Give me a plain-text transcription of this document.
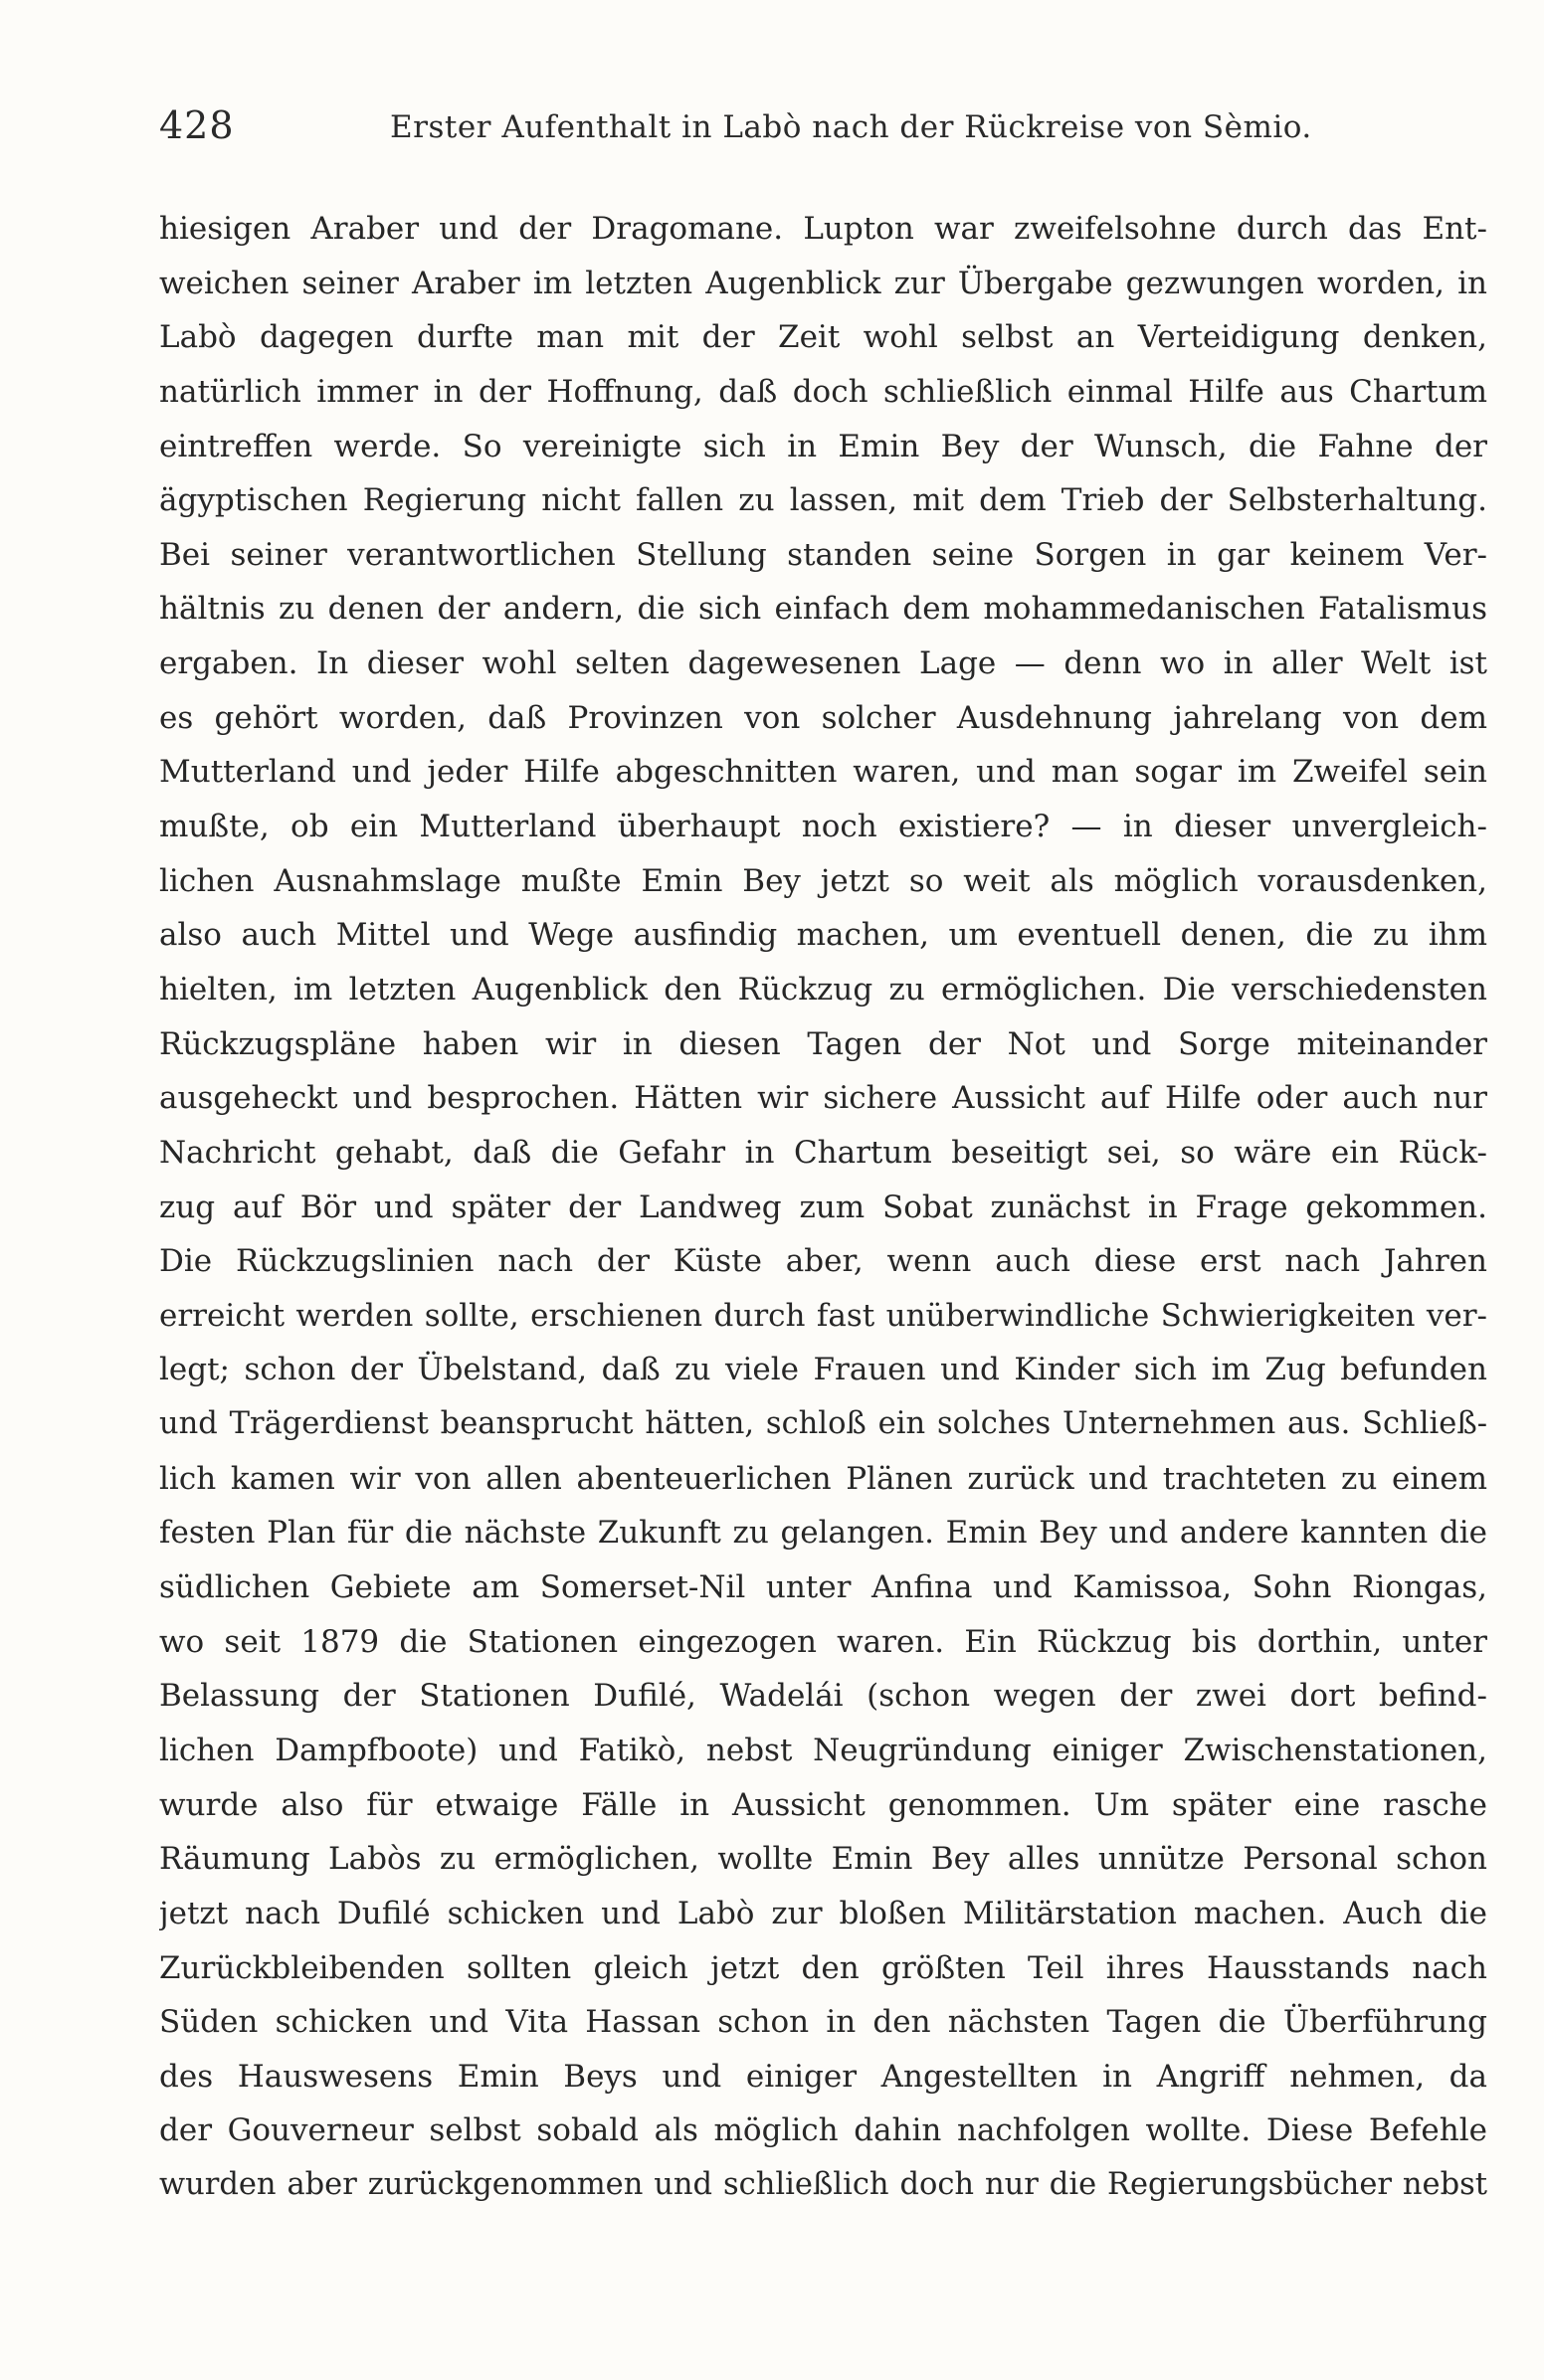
428	Erster Aufenthalt in Labò nach der Rückreise von Sèmio.
hiesigen Araber und der Dragomane. Lupton war zweifelsohne durch das Ent-
weichen seiner Araber im letzten Augenblick zur Übergabe gezwungen worden, in
Labò dagegen durfte man mit der Zeit wohl selbst an Verteidigung denken,
natürlich immer in der Hoffnung, daß doch schließlich einmal Hilfe aus Chartum
eintreffen werde. So vereinigte sich in Emin Bey der Wunsch, die Fahne der
ägyptischen Regierung nicht fallen zu lassen, mit dem Trieb der Selbsterhaltung.
Bei seiner verantwortlichen Stellung standen seine Sorgen in gar keinem Ver-
hältnis zu denen der andern, die sich einfach dem mohammedanischen Fatalismus
ergaben. In dieser wohl selten dagewesenen Lage — denn wo in aller Welt ist
es gehört worden, daß Provinzen von solcher Ausdehnung jahrelang von dem
Mutterland und jeder Hilfe abgeschnitten waren, und man sogar im Zweifel sein
mußte, ob ein Mutterland überhaupt noch existiere? — in dieser unvergleich-
lichen Ausnahmslage mußte Emin Bey jetzt so weit als möglich vorausdenken,
also auch Mittel und Wege ausfindig machen, um eventuell denen, die zu ihm
hielten, im letzten Augenblick den Rückzug zu ermöglichen. Die verschiedensten
Rückzugspläne haben wir in diesen Tagen der Not und Sorge miteinander
ausgeheckt und besprochen. Hätten wir sichere Aussicht auf Hilfe oder auch nur
Nachricht gehabt, daß die Gefahr in Chartum beseitigt sei, so wäre ein Rück-
zug auf Bör und später der Landweg zum Sobat zunächst in Frage gekommen.
Die Rückzugslinien nach der Küste aber, wenn auch diese erst nach Jahren
erreicht werden sollte, erschienen durch fast unüberwindliche Schwierigkeiten ver-
legt; schon der Übelstand, daß zu viele Frauen und Kinder sich im Zug befunden
und Trägerdienst beansprucht hätten, schloß ein solches Unternehmen aus. Schließ-
lich kamen wir von allen abenteuerlichen Plänen zurück und trachteten zu einem
festen Plan für die nächste Zukunft zu gelangen. Emin Bey und andere kannten die
südlichen Gebiete am Somerset-Nil unter Anfina und Kamissoa, Sohn Riongas,
wo seit 1879 die Stationen eingezogen waren. Ein Rückzug bis dorthin, unter
Belassung der Stationen Dufilé, Wadelái (schon wegen der zwei dort befind-
lichen Dampfboote) und Fatikò, nebst Neugründung einiger Zwischenstationen,
wurde also für etwaige Fälle in Aussicht genommen. Um später eine rasche
Räumung Labòs zu ermöglichen, wollte Emin Bey alles unnütze Personal schon
jetzt nach Dufilé schicken und Labò zur bloßen Militärstation machen. Auch die
Zurückbleibenden sollten gleich jetzt den größten Teil ihres Hausstands nach
Süden schicken und Vita Hassan schon in den nächsten Tagen die Überführung
des Hauswesens Emin Beys und einiger Angestellten in Angriff nehmen, da
der Gouverneur selbst sobald als möglich dahin nachfolgen wollte. Diese Befehle
wurden aber zurückgenommen und schließlich doch nur die Regierungsbücher nebst
